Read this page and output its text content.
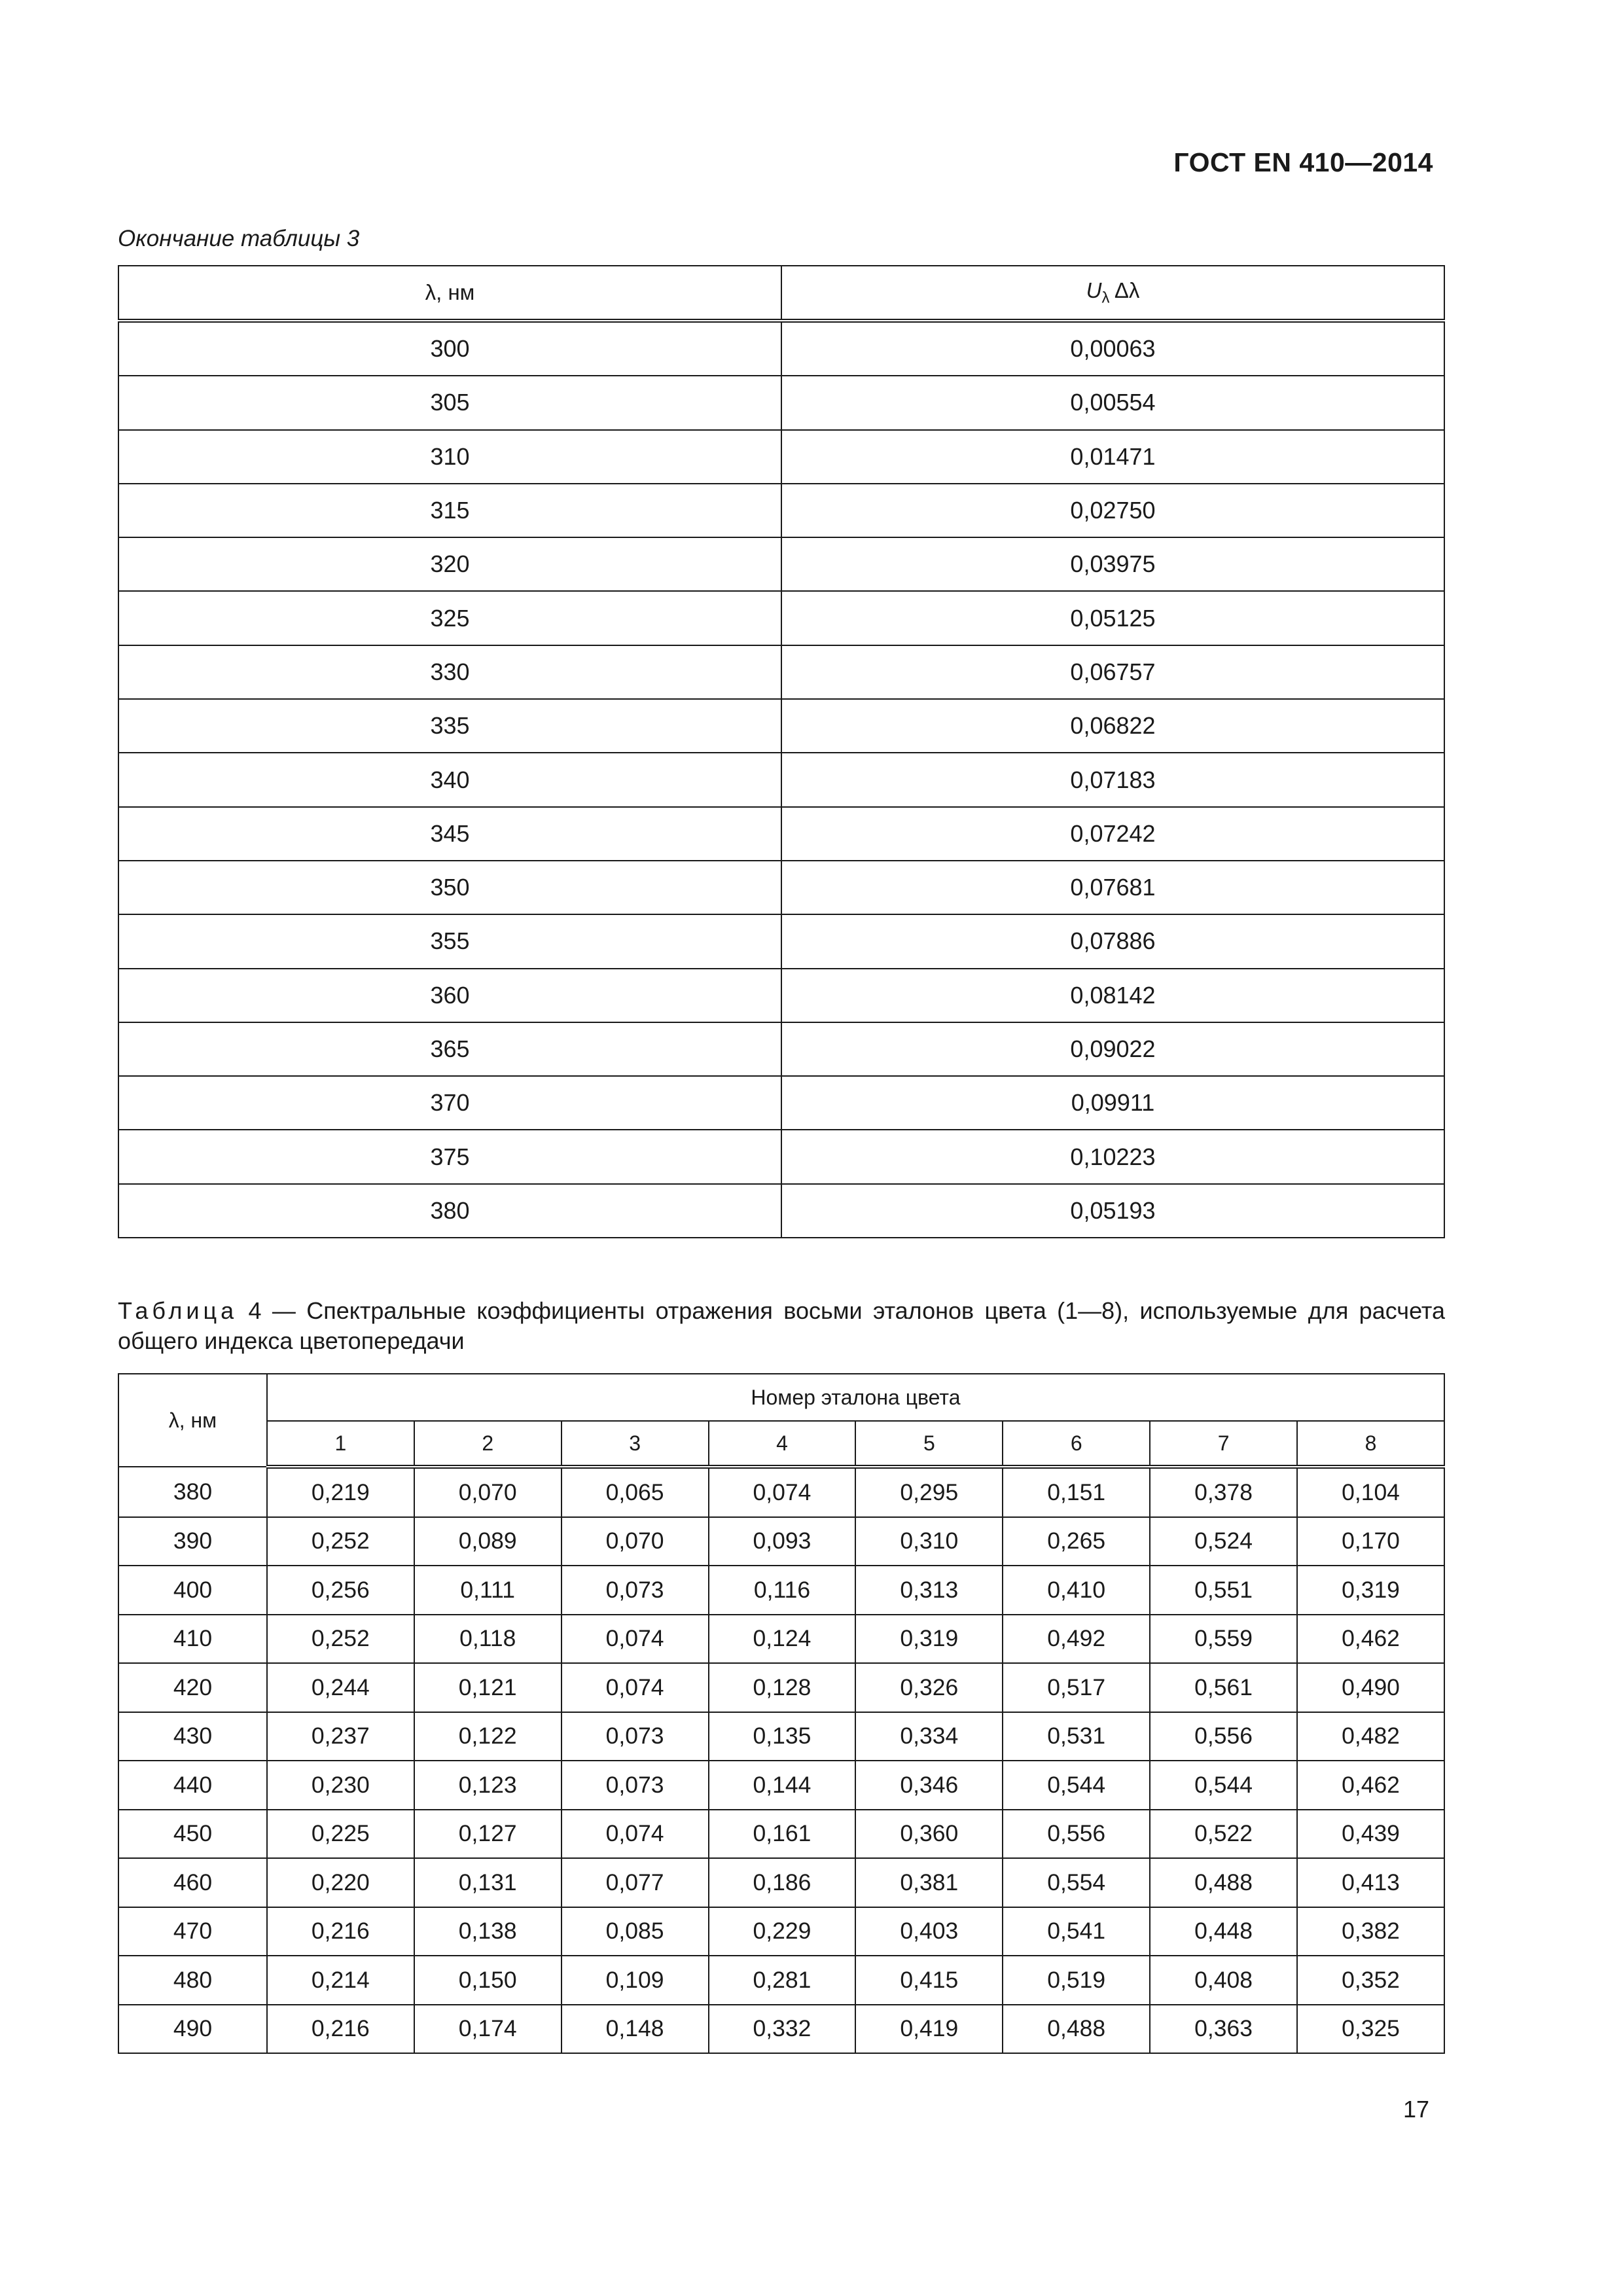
ГОСТ EN 410—2014
Окончание таблицы 3
λ, нм	$U_\lambda$ Δλ
300	0,00063
305	0,00554
310	0,01471
315	0,02750
320	0,03975
325	0,05125
330	0,06757
335	0,06822
340	0,07183
345	0,07242
350	0,07681
355	0,07886
360	0,08142
365	0,09022
370	0,09911
375	0,10223
380	0,05193
Таблица 4 — Спектральные коэффициенты отражения восьми эталонов цвета (1—8), используемые для расчета общего индекса цветопередачи
λ, нм	Номер эталона цвета							
	1	2	3	4	5	6	7	8
380	0,219	0,070	0,065	0,074	0,295	0,151	0,378	0,104
390	0,252	0,089	0,070	0,093	0,310	0,265	0,524	0,170
400	0,256	0,111	0,073	0,116	0,313	0,410	0,551	0,319
410	0,252	0,118	0,074	0,124	0,319	0,492	0,559	0,462
420	0,244	0,121	0,074	0,128	0,326	0,517	0,561	0,490
430	0,237	0,122	0,073	0,135	0,334	0,531	0,556	0,482
440	0,230	0,123	0,073	0,144	0,346	0,544	0,544	0,462
450	0,225	0,127	0,074	0,161	0,360	0,556	0,522	0,439
460	0,220	0,131	0,077	0,186	0,381	0,554	0,488	0,413
470	0,216	0,138	0,085	0,229	0,403	0,541	0,448	0,382
480	0,214	0,150	0,109	0,281	0,415	0,519	0,408	0,352
490	0,216	0,174	0,148	0,332	0,419	0,488	0,363	0,325
17
